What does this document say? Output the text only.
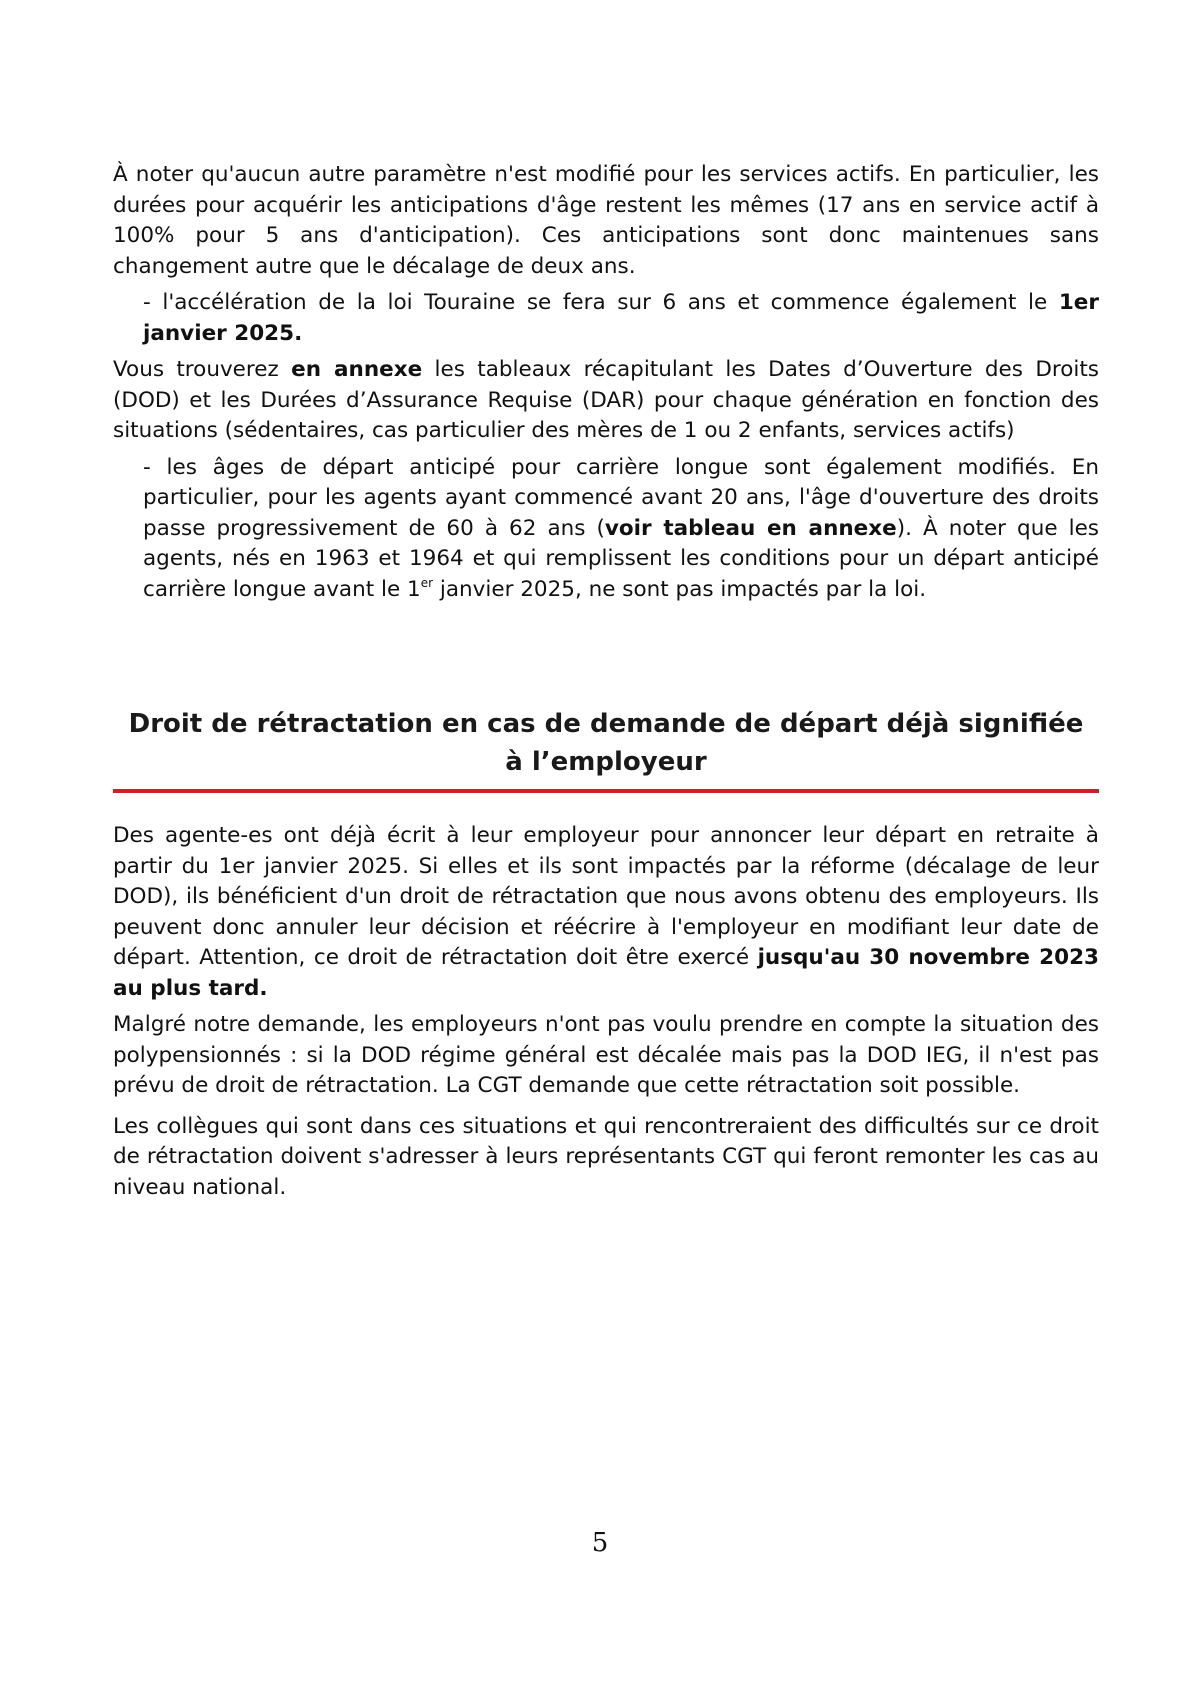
À noter qu'aucun autre paramètre n'est modifié pour les services actifs. En particulier, les durées pour acquérir les anticipations d'âge restent les mêmes (17 ans en service actif à 100% pour 5 ans d'anticipation). Ces anticipations sont donc maintenues sans changement autre que le décalage de deux ans.

- l'accélération de la loi Touraine se fera sur 6 ans et commence également le 1er janvier 2025.

Vous trouverez en annexe les tableaux récapitulant les Dates d’Ouverture des Droits (DOD) et les Durées d’Assurance Requise (DAR) pour chaque génération en fonction des situations (sédentaires, cas particulier des mères de 1 ou 2 enfants, services actifs)

- les âges de départ anticipé pour carrière longue sont également modifiés. En particulier, pour les agents ayant commencé avant 20 ans, l'âge d'ouverture des droits passe progressivement de 60 à 62 ans (voir tableau en annexe). À noter que les agents, nés en 1963 et 1964 et qui remplissent les conditions pour un départ anticipé carrière longue avant le 1er janvier 2025, ne sont pas impactés par la loi.

Droit de rétractation en cas de demande de départ déjà signifiée à l’employeur

Des agente-es ont déjà écrit à leur employeur pour annoncer leur départ en retraite à partir du 1er janvier 2025. Si elles et ils sont impactés par la réforme (décalage de leur DOD), ils bénéficient d'un droit de rétractation que nous avons obtenu des employeurs. Ils peuvent donc annuler leur décision et réécrire à l'employeur en modifiant leur date de départ. Attention, ce droit de rétractation doit être exercé jusqu'au 30 novembre 2023 au plus tard.

Malgré notre demande, les employeurs n'ont pas voulu prendre en compte la situation des polypensionnés : si la DOD régime général est décalée mais pas la DOD IEG, il n'est pas prévu de droit de rétractation. La CGT demande que cette rétractation soit possible.

Les collègues qui sont dans ces situations et qui rencontreraient des difficultés sur ce droit de rétractation doivent s'adresser à leurs représentants CGT qui feront remonter les cas au niveau national.

5
